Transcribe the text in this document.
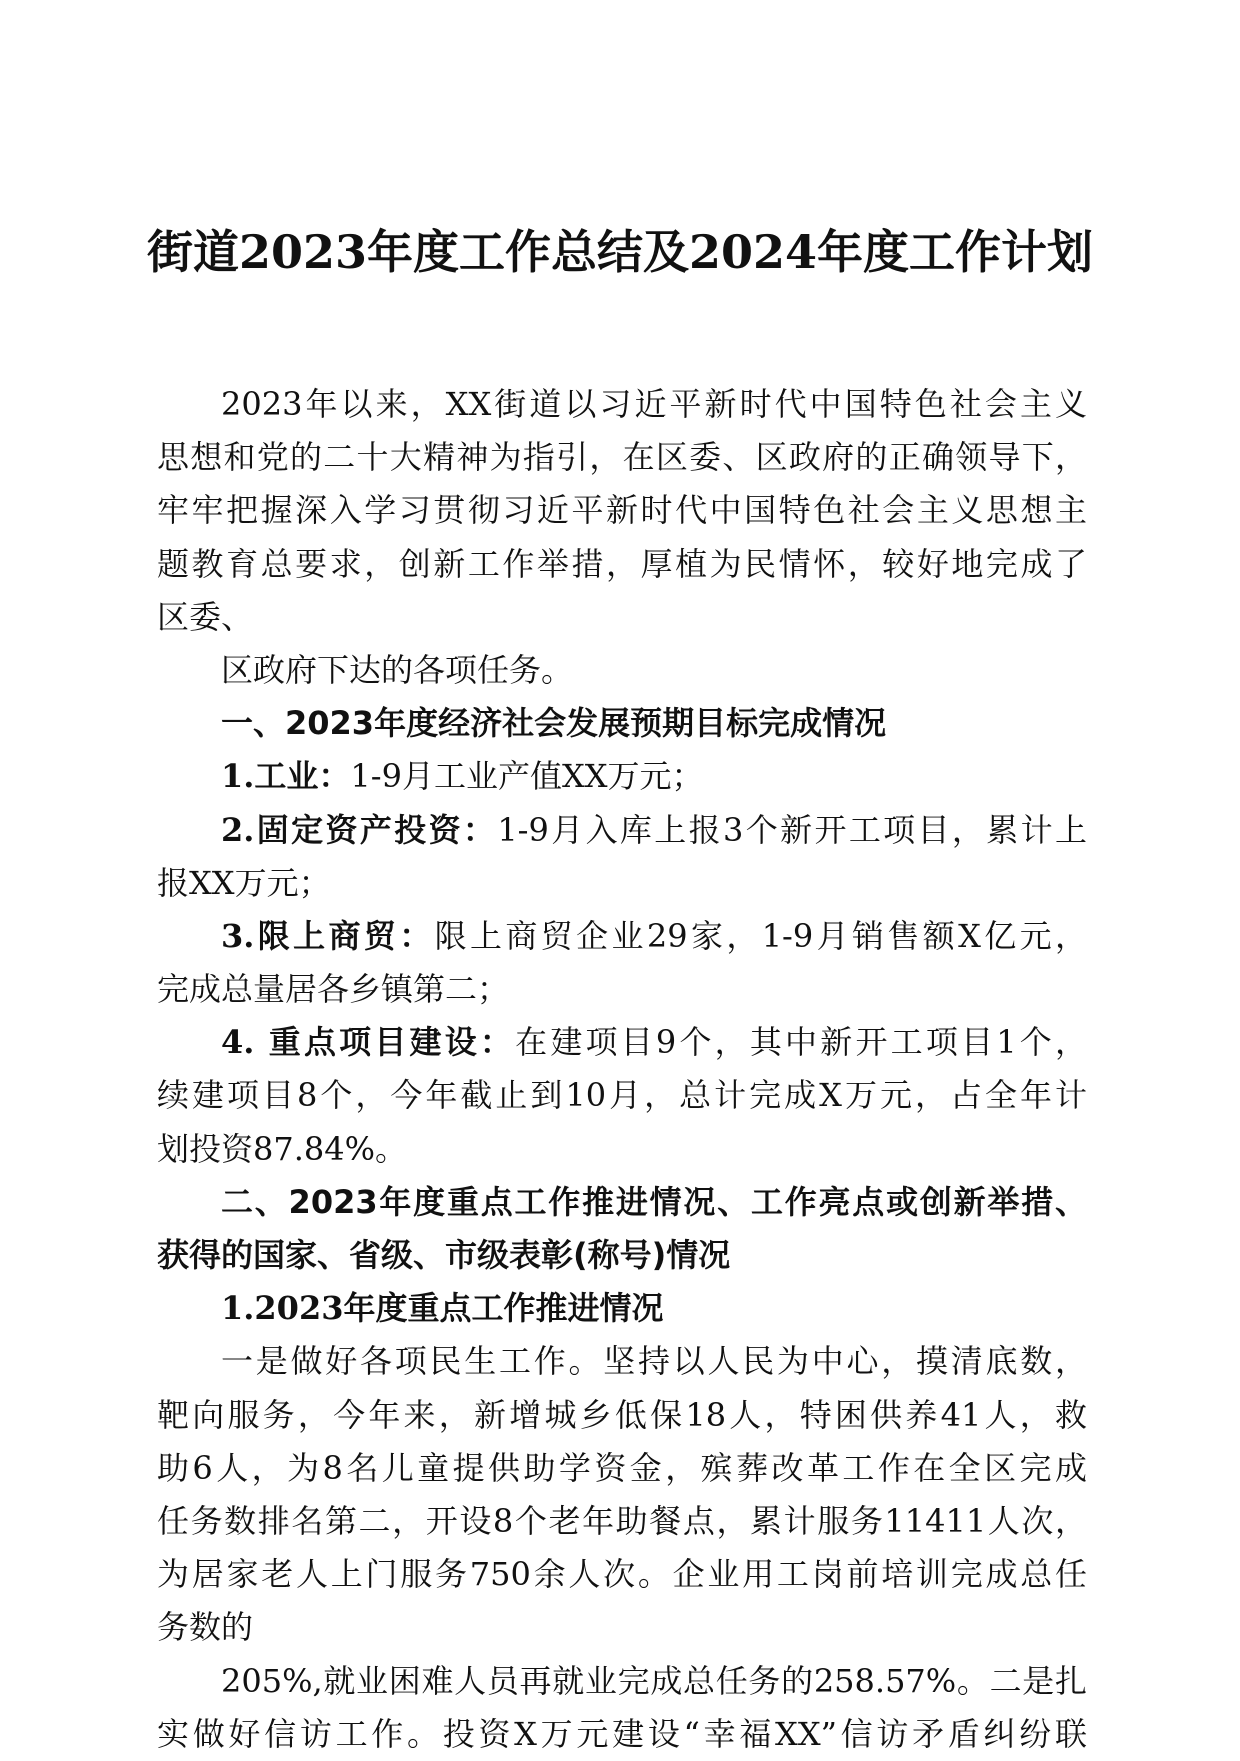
街道2023年度工作总结及2024年度工作计划
2023年以来，XX街道以习近平新时代中国特色社会主义
思想和党的二十大精神为指引，在区委、区政府的正确领导下，
牢牢把握深入学习贯彻习近平新时代中国特色社会主义思想主
题教育总要求，创新工作举措，厚植为民情怀，较好地完成了
区委、
区政府下达的各项任务。
一、2023年度经济社会发展预期目标完成情况
1.工业：1-9月工业产值XX万元；
2.固定资产投资：1-9月入库上报3个新开工项目，累计上
报XX万元；
3.限上商贸：限上商贸企业29家，1-9月销售额X亿元，
完成总量居各乡镇第二；
4. 重点项目建设：在建项目9个，其中新开工项目1个，
续建项目8个，今年截止到10月，总计完成X万元，占全年计
划投资87.84%。
二、2023年度重点工作推进情况、工作亮点或创新举措、
获得的国家、省级、市级表彰(称号)情况
1.2023年度重点工作推进情况
一是做好各项民生工作。坚持以人民为中心，摸清底数，
靶向服务，今年来，新增城乡低保18人，特困供养41人，救
助6人，为8名儿童提供助学资金，殡葬改革工作在全区完成
任务数排名第二，开设8个老年助餐点，累计服务11411人次，
为居家老人上门服务750余人次。企业用工岗前培训完成总任
务数的
205%,就业困难人员再就业完成总任务的258.57%。二是扎
实做好信访工作。投资X万元建设“幸福XX”信访矛盾纠纷联
